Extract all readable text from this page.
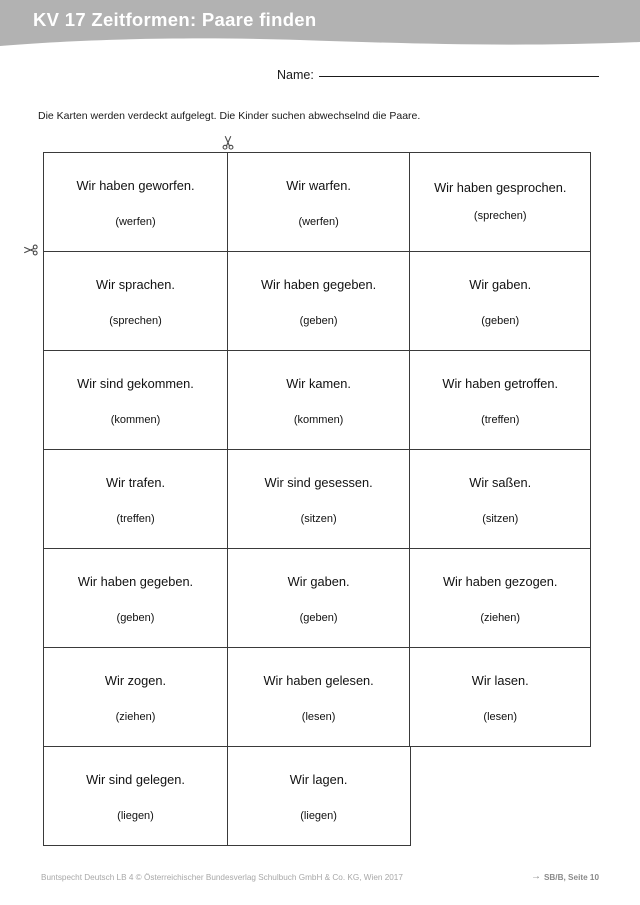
KV 17 Zeitformen: Paare finden
Name:
Die Karten werden verdeckt aufgelegt. Die Kinder suchen abwechselnd die Paare.
Wir haben geworfen.
(werfen)
Wir warfen.
(werfen)
Wir haben gesprochen.
(sprechen)
Wir sprachen.
(sprechen)
Wir haben gegeben.
(geben)
Wir gaben.
(geben)
Wir sind gekommen.
(kommen)
Wir kamen.
(kommen)
Wir haben getroffen.
(treffen)
Wir trafen.
(treffen)
Wir sind gesessen.
(sitzen)
Wir saßen.
(sitzen)
Wir haben gegeben.
(geben)
Wir gaben.
(geben)
Wir haben gezogen.
(ziehen)
Wir zogen.
(ziehen)
Wir haben gelesen.
(lesen)
Wir lasen.
(lesen)
Wir sind gelegen.
(liegen)
Wir lagen.
(liegen)
Buntspecht Deutsch LB 4 © Österreichischer Bundesverlag Schulbuch GmbH & Co. KG, Wien 2017	→ SB/B, Seite 10
